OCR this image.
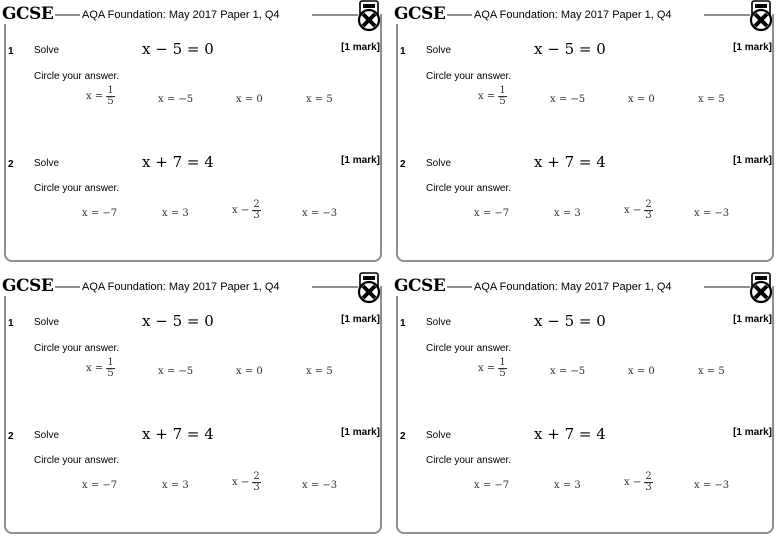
GCSE	AQA Foundation: May 2017 Paper 1, Q4
1 Solve	x − 5 = 0	[1 mark]
Circle your answer.
$x = \frac{1}{5}$	x = −5	x = 0	x = 5
2 Solve	x + 7 = 4	[1 mark]
Circle your answer.
x = −7	x = 3	$x - \frac{2}{3}$	x = −3
GCSE	AQA Foundation: May 2017 Paper 1, Q4
1 Solve	x − 5 = 0	[1 mark]
Circle your answer.
$x = \frac{1}{5}$	x = −5	x = 0	x = 5
2 Solve	x + 7 = 4	[1 mark]
Circle your answer.
x = −7	x = 3	$x - \frac{2}{3}$	x = −3
GCSE	AQA Foundation: May 2017 Paper 1, Q4
1 Solve	x − 5 = 0	[1 mark]
Circle your answer.
$x = \frac{1}{5}$	x = −5	x = 0	x = 5
2 Solve	x + 7 = 4	[1 mark]
Circle your answer.
x = −7	x = 3	$x - \frac{2}{3}$	x = −3
GCSE	AQA Foundation: May 2017 Paper 1, Q4
1 Solve	x − 5 = 0	[1 mark]
Circle your answer.
$x = \frac{1}{5}$	x = −5	x = 0	x = 5
2 Solve	x + 7 = 4	[1 mark]
Circle your answer.
x = −7	x = 3	$x - \frac{2}{3}$	x = −3
